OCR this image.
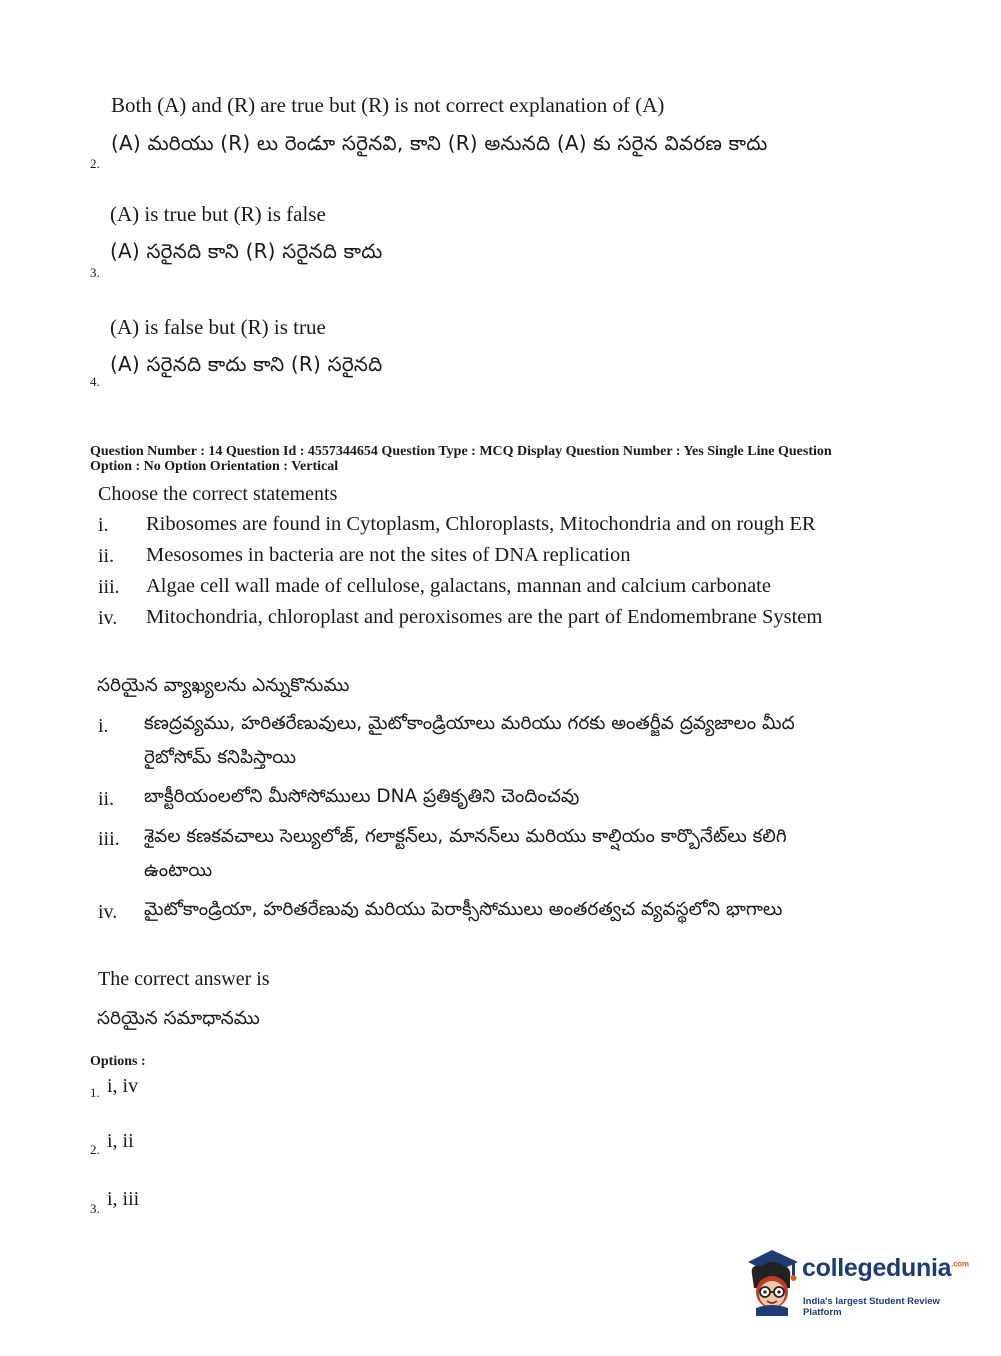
Both (A) and (R) are true but (R) is not correct explanation of (A)
(A) మరియు (R) లు రెండూ సరైనవి, కాని (R) అనునది (A) కు సరైన వివరణ కాదు
2.
(A) is true but (R) is false
(A) సరైనది కాని (R) సరైనది కాదు
3.
(A) is false but (R) is true
(A) సరైనది కాదు కాని (R) సరైనది
4.
Question Number : 14 Question Id : 4557344654 Question Type : MCQ Display Question Number : Yes Single Line Question
Option : No Option Orientation : Vertical
Choose the correct statements
i. Ribosomes are found in Cytoplasm, Chloroplasts, Mitochondria and on rough ER
ii. Mesosomes in bacteria are not the sites of DNA replication
iii. Algae cell wall made of cellulose, galactans, mannan and calcium carbonate
iv. Mitochondria, chloroplast and peroxisomes are the part of Endomembrane System
సరియైన వ్యాఖ్యలను ఎన్నుకొనుము
i. కణద్రవ్యము, హరితరేణువులు, మైటోకాండ్రియాలు మరియు గరకు అంతర్జీవ ద్రవ్యజాలం మీద
రైబోసోమ్ కనిపిస్తాయి
ii. బాక్టీరియంలలోని మీసోసోములు DNA ప్రతికృతిని చెందించవు
iii. శైవల కణకవచాలు సెల్యులోజ్, గలాక్టన్‌లు, మానన్‌లు మరియు కాల్షియం కార్బొనేట్‌లు కలిగి
ఉంటాయి
iv. మైటోకాండ్రియా, హరితరేణువు మరియు పెరాక్సీసోములు అంతరత్వచ వ్యవస్థలోని భాగాలు
The correct answer is
సరియైన సమాధానము
Options :
1. i, iv
2. i, ii
3. i, iii
collegedunia$^{.com}$
India's largest Student Review Platform
